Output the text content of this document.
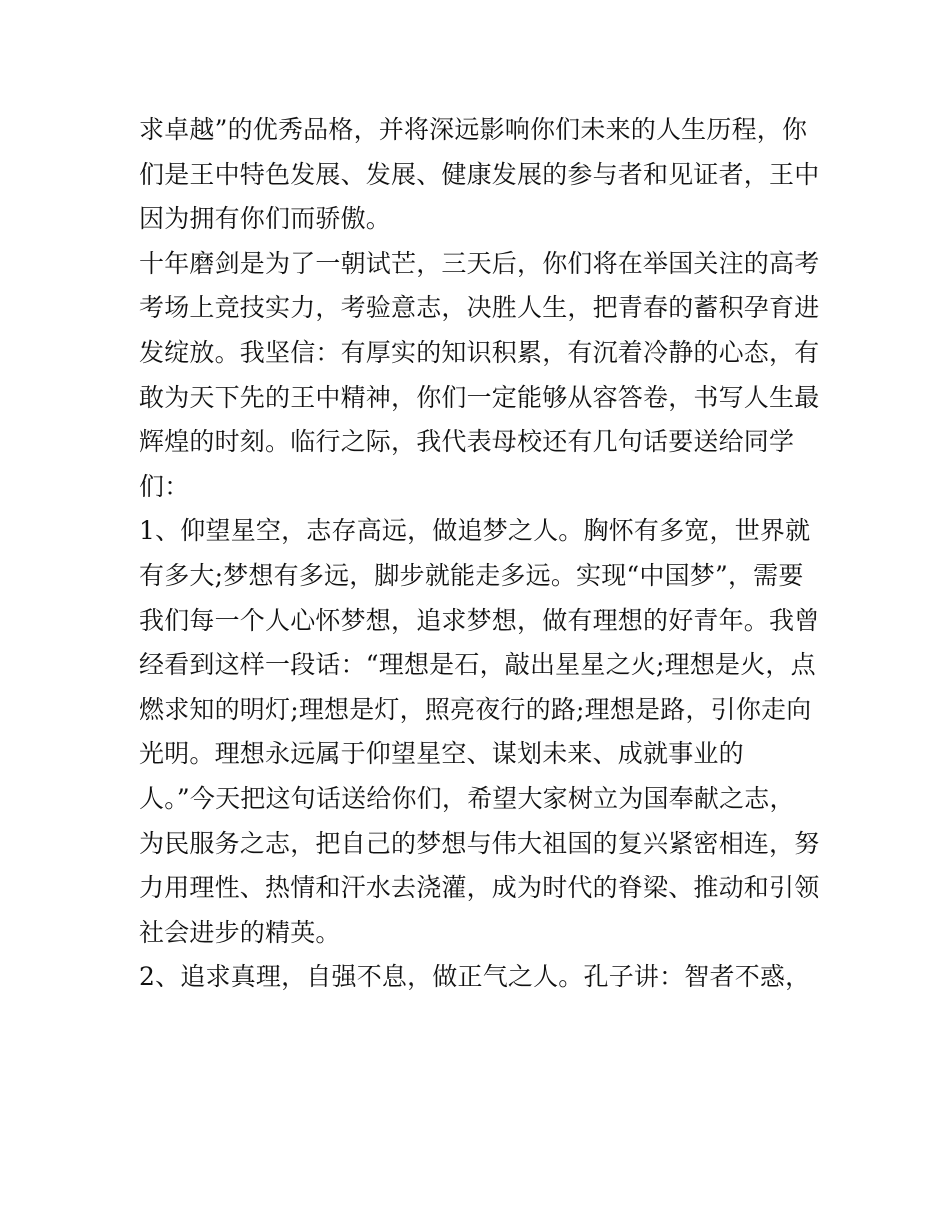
求卓越”的优秀品格，并将深远影响你们未来的人生历程，你
们是王中特色发展、发展、健康发展的参与者和见证者，王中
因为拥有你们而骄傲。
十年磨剑是为了一朝试芒，三天后，你们将在举国关注的高考
考场上竞技实力，考验意志，决胜人生，把青春的蓄积孕育进
发绽放。我坚信：有厚实的知识积累，有沉着冷静的心态，有
敢为天下先的王中精神，你们一定能够从容答卷，书写人生最
辉煌的时刻。临行之际，我代表母校还有几句话要送给同学
们：
1、仰望星空，志存高远，做追梦之人。胸怀有多宽，世界就
有多大;梦想有多远，脚步就能走多远。实现“中国梦”，需要
我们每一个人心怀梦想，追求梦想，做有理想的好青年。我曾
经看到这样一段话：“理想是石，敲出星星之火;理想是火，点
燃求知的明灯;理想是灯，照亮夜行的路;理想是路，引你走向
光明。理想永远属于仰望星空、谋划未来、成就事业的
人。”今天把这句话送给你们，希望大家树立为国奉献之志，
为民服务之志，把自己的梦想与伟大祖国的复兴紧密相连，努
力用理性、热情和汗水去浇灌，成为时代的脊梁、推动和引领
社会进步的精英。
2、追求真理，自强不息，做正气之人。孔子讲：智者不惑，
